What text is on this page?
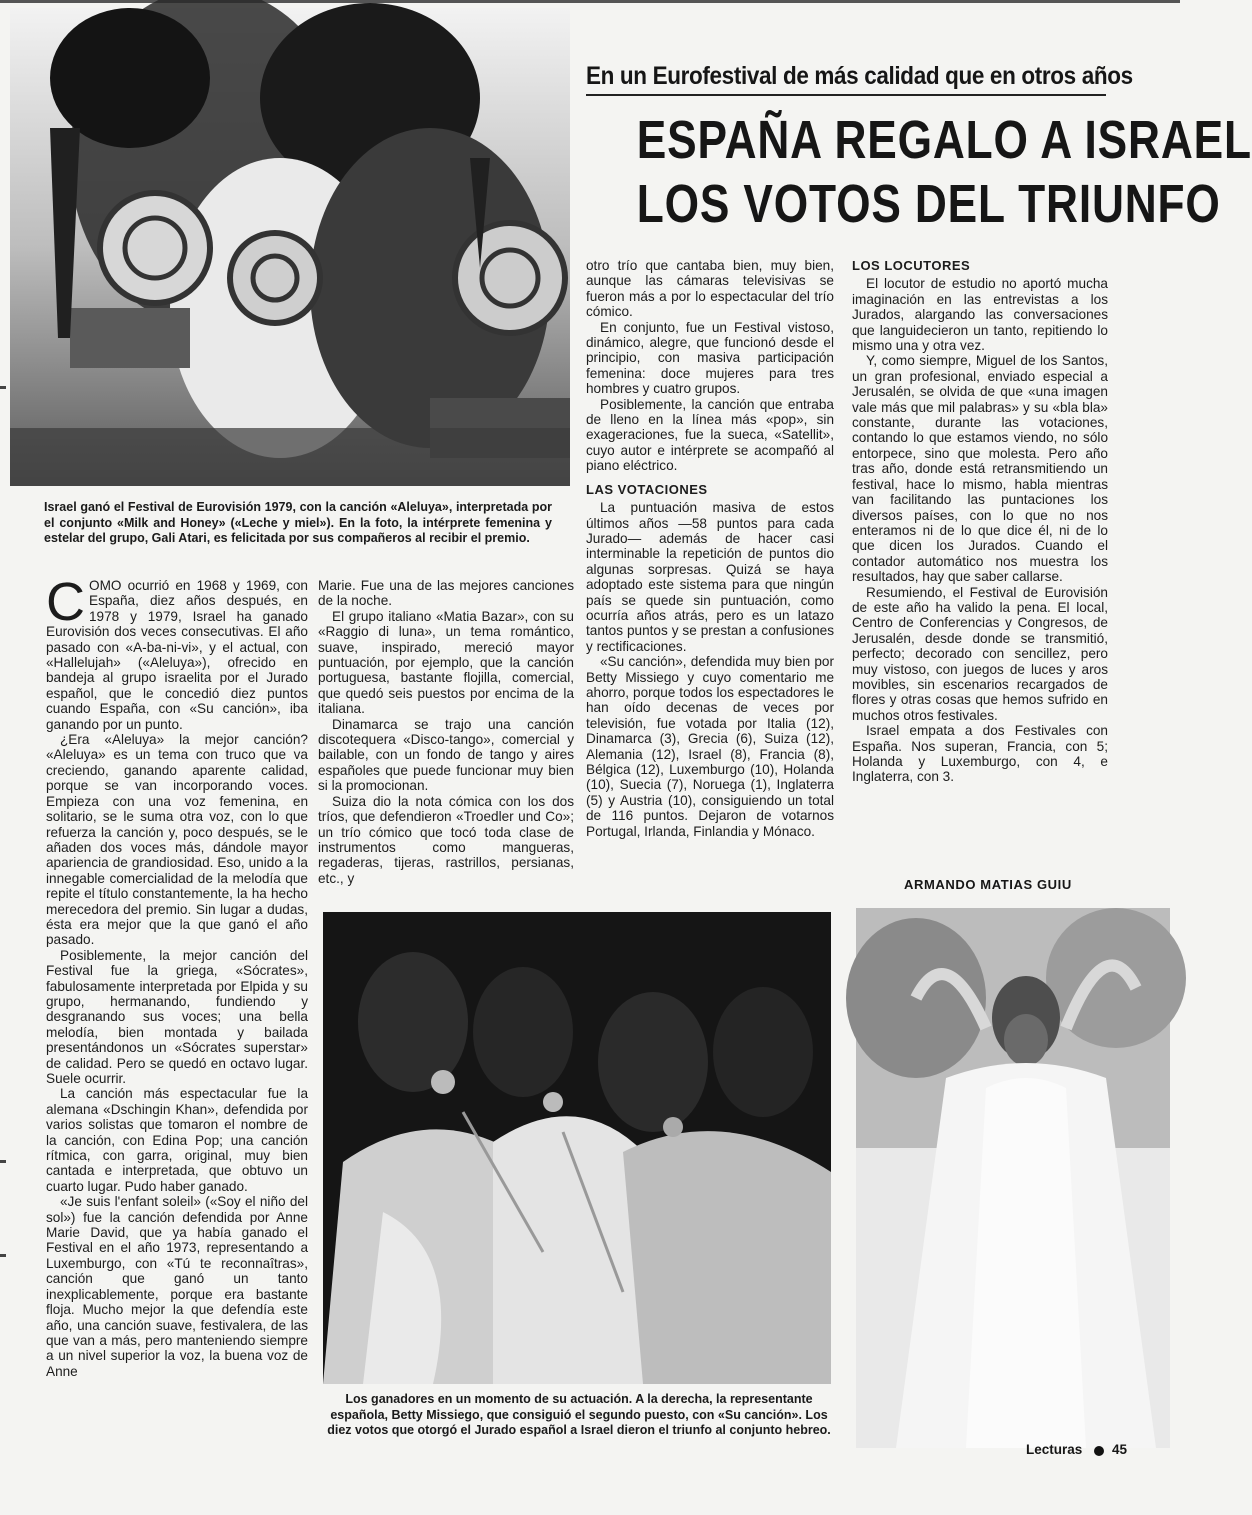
En un Eurofestival de más calidad que en otros años
ESPAÑA REGALO A ISRAEL
LOS VOTOS DEL TRIUNFO
Israel ganó el Festival de Eurovisión 1979, con la canción «Aleluya», interpretada por el conjunto «Milk and Honey» («Leche y miel»). En la foto, la intérprete femenina y estelar del grupo, Gali Atari, es felicitada por sus compañeros al recibir el premio.

COMO ocurrió en 1968 y 1969, con España, diez años después, en 1978 y 1979, Israel ha ganado Eurovisión dos veces consecutivas. El año pasado con «A-ba-ni-vi», y el actual, con «Hallelujah» («Aleluya»), ofrecido en bandeja al grupo israelita por el Jurado español, que le concedió diez puntos cuando España, con «Su canción», iba ganando por un punto.

¿Era «Aleluya» la mejor canción? «Aleluya» es un tema con truco que va creciendo, ganando aparente calidad, porque se van incorporando voces. Empieza con una voz femenina, en solitario, se le suma otra voz, con lo que refuerza la canción y, poco después, se le añaden dos voces más, dándole mayor apariencia de grandiosidad. Eso, unido a la innegable comercialidad de la melodía que repite el título constantemente, la ha hecho merecedora del premio. Sin lugar a dudas, ésta era mejor que la que ganó el año pasado.

Posiblemente, la mejor canción del Festival fue la griega, «Sócrates», fabulosamente interpretada por Elpida y su grupo, hermanando, fundiendo y desgranando sus voces; una bella melodía, bien montada y bailada presentándonos un «Sócrates superstar» de calidad. Pero se quedó en octavo lugar. Suele ocurrir.

La canción más espectacular fue la alemana «Dschingin Khan», defendida por varios solistas que tomaron el nombre de la canción, con Edina Pop; una canción rítmica, con garra, original, muy bien cantada e interpretada, que obtuvo un cuarto lugar. Pudo haber ganado.

«Je suis l'enfant soleil» («Soy el niño del sol») fue la canción defendida por Anne Marie David, que ya había ganado el Festival en el año 1973, representando a Luxemburgo, con «Tú te reconnaîtras», canción que ganó un tanto inexplicablemente, porque era bastante floja. Mucho mejor la que defendía este año, una canción suave, festivalera, de las que van a más, pero manteniendo siempre a un nivel superior la voz, la buena voz de Anne

Marie. Fue una de las mejores canciones de la noche.

El grupo italiano «Matia Bazar», con su «Raggio di luna», un tema romántico, suave, inspirado, mereció mayor puntuación, por ejemplo, que la canción portuguesa, bastante flojilla, comercial, que quedó seis puestos por encima de la italiana.

Dinamarca se trajo una canción discotequera «Disco-tango», comercial y bailable, con un fondo de tango y aires españoles que puede funcionar muy bien si la promocionan.

Suiza dio la nota cómica con los dos tríos, que defendieron «Troedler und Co»; un trío cómico que tocó toda clase de instrumentos como mangueras, regaderas, tijeras, rastrillos, persianas, etc., y

otro trío que cantaba bien, muy bien, aunque las cámaras televisivas se fueron más a por lo espectacular del trío cómico.

En conjunto, fue un Festival vistoso, dinámico, alegre, que funcionó desde el principio, con masiva participación femenina: doce mujeres para tres hombres y cuatro grupos.

Posiblemente, la canción que entraba de lleno en la línea más «pop», sin exageraciones, fue la sueca, «Satellit», cuyo autor e intérprete se acompañó al piano eléctrico.

LAS VOTACIONES

La puntuación masiva de estos últimos años —58 puntos para cada Jurado— además de hacer casi interminable la repetición de puntos dio algunas sorpresas. Quizá se haya adoptado este sistema para que ningún país se quede sin puntuación, como ocurría años atrás, pero es un latazo tantos puntos y se prestan a confusiones y rectificaciones.

«Su canción», defendida muy bien por Betty Missiego y cuyo comentario me ahorro, porque todos los espectadores le han oído decenas de veces por televisión, fue votada por Italia (12), Dinamarca (3), Grecia (6), Suiza (12), Alemania (12), Israel (8), Francia (8), Bélgica (12), Luxemburgo (10), Holanda (10), Suecia (7), Noruega (1), Inglaterra (5) y Austria (10), consiguiendo un total de 116 puntos. Dejaron de votarnos Portugal, Irlanda, Finlandia y Mónaco.

LOS LOCUTORES

El locutor de estudio no aportó mucha imaginación en las entrevistas a los Jurados, alargando las conversaciones que languidecieron un tanto, repitiendo lo mismo una y otra vez.

Y, como siempre, Miguel de los Santos, un gran profesional, enviado especial a Jerusalén, se olvida de que «una imagen vale más que mil palabras» y su «bla bla» constante, durante las votaciones, contando lo que estamos viendo, no sólo entorpece, sino que molesta. Pero año tras año, donde está retransmitiendo un festival, hace lo mismo, habla mientras van facilitando las puntaciones los diversos países, con lo que no nos enteramos ni de lo que dice él, ni de lo que dicen los Jurados. Cuando el contador automático nos muestra los resultados, hay que saber callarse.

Resumiendo, el Festival de Eurovisión de este año ha valido la pena. El local, Centro de Conferencias y Congresos, de Jerusalén, desde donde se transmitió, perfecto; decorado con sencillez, pero muy vistoso, con juegos de luces y aros movibles, sin escenarios recargados de flores y otras cosas que hemos sufrido en muchos otros festivales.

Israel empata a dos Festivales con España. Nos superan, Francia, con 5; Holanda y Luxemburgo, con 4, e Inglaterra, con 3.

ARMANDO MATIAS GUIU
Los ganadores en un momento de su actuación. A la derecha, la representante española, Betty Missiego, que consiguió el segundo puesto, con «Su canción». Los diez votos que otorgó el Jurado español a Israel dieron el triunfo al conjunto hebreo.
Lecturas 45
